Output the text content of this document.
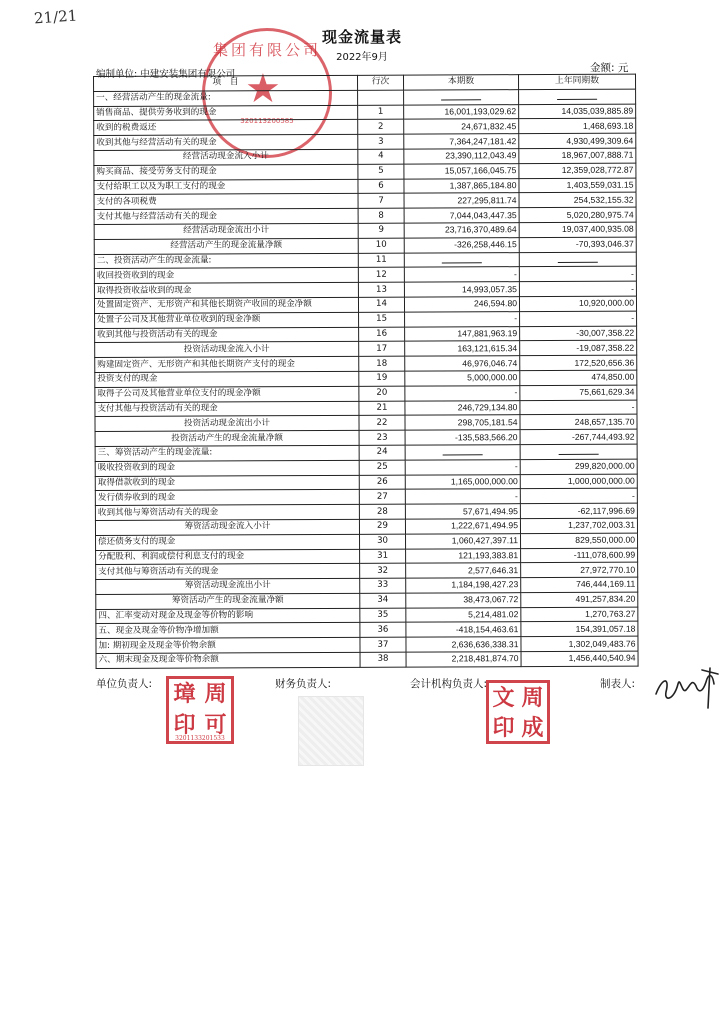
21/21
现金流量表
2022年9月
编制单位: 中建安装集团有限公司
金额: 元
集团有限公司
★
320113200585
项　目	行次	本期数	上年同期数
一、经营活动产生的现金流量:		

销售商品、提供劳务收到的现金	1	16,001,193,029.62	14,035,039,885.89
收到的税费返还	2	24,671,832.45	1,468,693.18
收到其他与经营活动有关的现金	3	7,364,247,181.42	4,930,499,309.64
经营活动现金流入小计	4	23,390,112,043.49	18,967,007,888.71
购买商品、接受劳务支付的现金	5	15,057,166,045.75	12,359,028,772.87
支付给职工以及为职工支付的现金	6	1,387,865,184.80	1,403,559,031.15
支付的各项税费	7	227,295,811.74	254,532,155.32
支付其他与经营活动有关的现金	8	7,044,043,447.35	5,020,280,975.74
经营活动现金流出小计	9	23,716,370,489.64	19,037,400,935.08
经营活动产生的现金流量净额	10	-326,258,446.15	-70,393,046.37
二、投资活动产生的现金流量:	11	

收回投资收到的现金	12	-	-
取得投资收益收到的现金	13	14,993,057.35	-
处置固定资产、无形资产和其他长期资产收回的现金净额	14	246,594.80	10,920,000.00
处置子公司及其他营业单位收到的现金净额	15	-	-
收到其他与投资活动有关的现金	16	147,881,963.19	-30,007,358.22
投资活动现金流入小计	17	163,121,615.34	-19,087,358.22
购建固定资产、无形资产和其他长期资产支付的现金	18	46,976,046.74	172,520,656.36
投资支付的现金	19	5,000,000.00	474,850.00
取得子公司及其他营业单位支付的现金净额	20	-	75,661,629.34
支付其他与投资活动有关的现金	21	246,729,134.80	-
投资活动现金流出小计	22	298,705,181.54	248,657,135.70
投资活动产生的现金流量净额	23	-135,583,566.20	-267,744,493.92
三、筹资活动产生的现金流量:	24	

吸收投资收到的现金	25	-	299,820,000.00
取得借款收到的现金	26	1,165,000,000.00	1,000,000,000.00
发行债券收到的现金	27	-	-
收到其他与筹资活动有关的现金	28	57,671,494.95	-62,117,996.69
筹资活动现金流入小计	29	1,222,671,494.95	1,237,702,003.31
偿还债务支付的现金	30	1,060,427,397.11	829,550,000.00
分配股利、利润或偿付利息支付的现金	31	121,193,383.81	-111,078,600.99
支付其他与筹资活动有关的现金	32	2,577,646.31	27,972,770.10
筹资活动现金流出小计	33	1,184,198,427.23	746,444,169.11
筹资活动产生的现金流量净额	34	38,473,067.72	491,257,834.20
四、汇率变动对现金及现金等价物的影响	35	5,214,481.02	1,270,763.27
五、现金及现金等价物净增加额	36	-418,154,463.61	154,391,057.18
加: 期初现金及现金等价物余额	37	2,636,636,338.31	1,302,049,483.76
六、期末现金及现金等价物余额	38	2,218,481,874.70	1,456,440,540.94
单位负责人:	财务负责人:	会计机构负责人:	制表人:
璋 周
印 可
3201133201533
文 周
印 成
